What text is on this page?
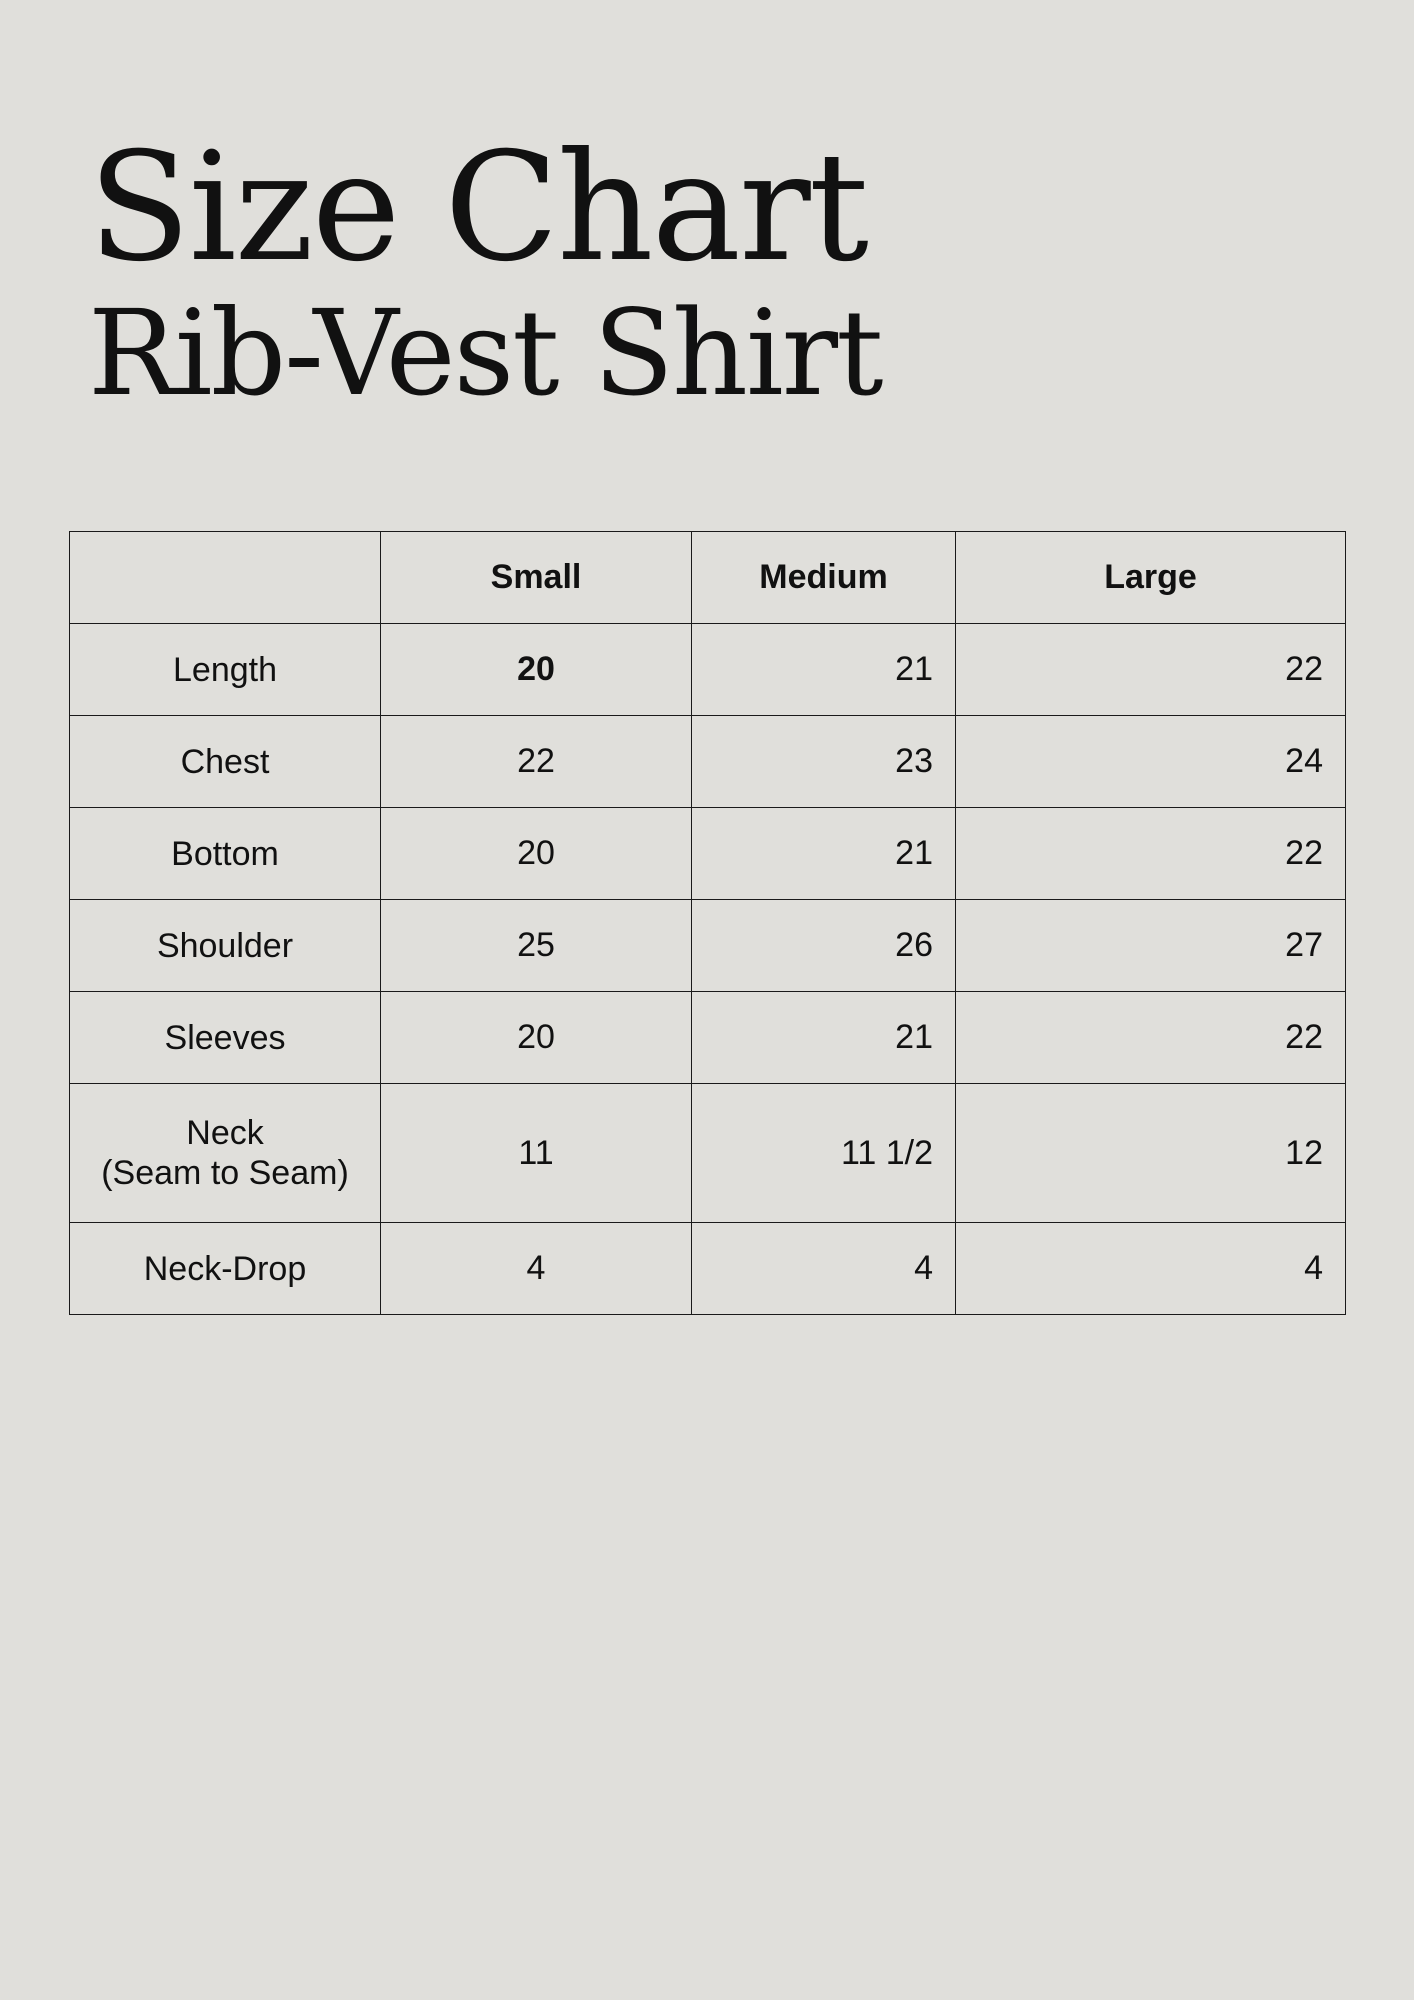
Size Chart
Rib-Vest Shirt
	Small	Medium	Large
Length	20	21	22
Chest	22	23	24
Bottom	20	21	22
Shoulder	25	26	27
Sleeves	20	21	22
Neck
(Seam to Seam)	11	11 1/2	12
Neck-Drop	4	4	4
